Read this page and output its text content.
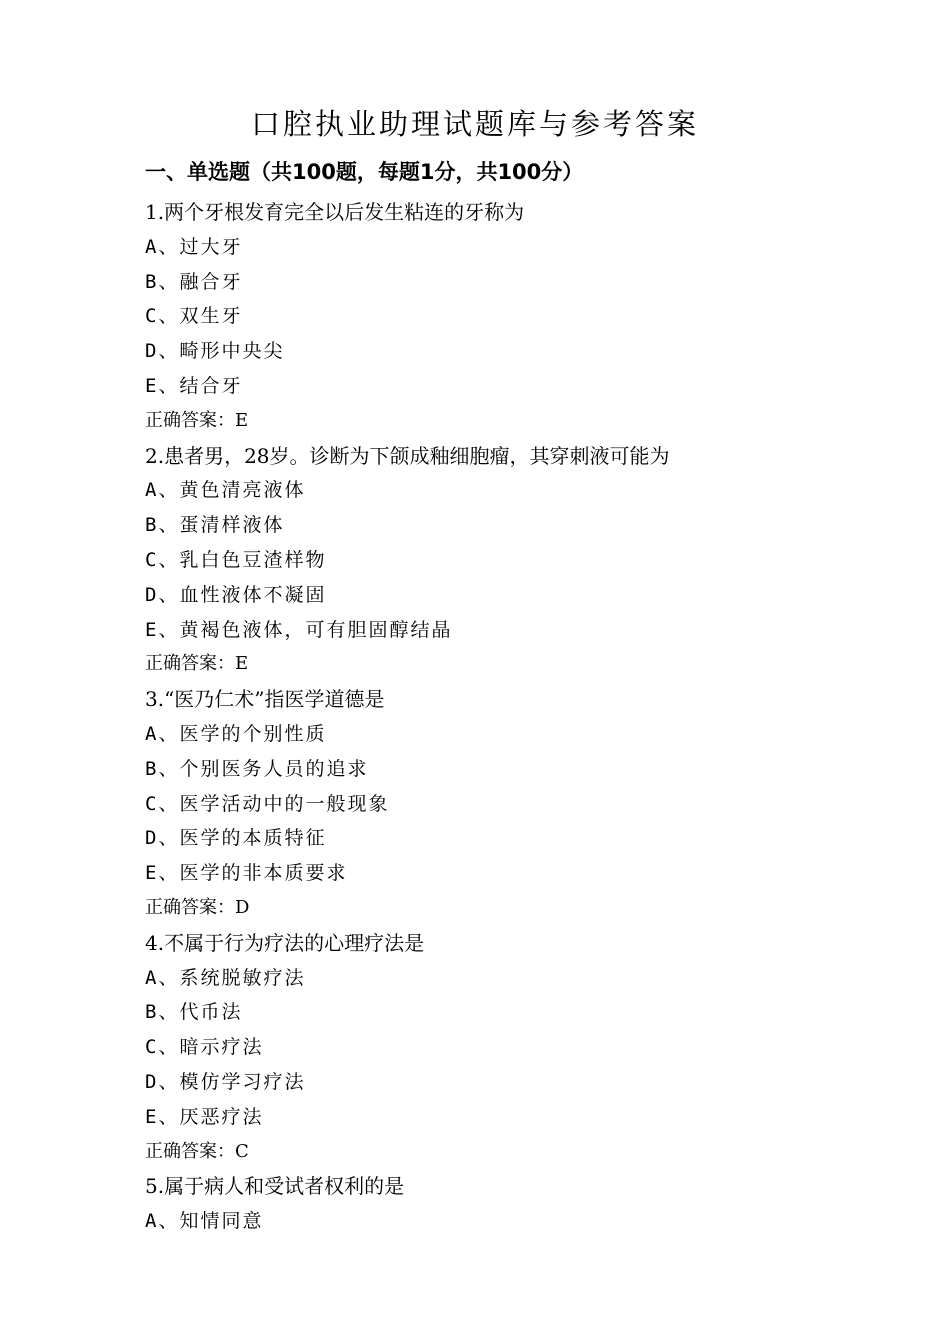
口腔执业助理试题库与参考答案
一、单选题（共100题，每题1分，共100分）
1.两个牙根发育完全以后发生粘连的牙称为
A、过大牙
B、融合牙
C、双生牙
D、畸形中央尖
E、结合牙
正确答案：E
2.患者男，28岁。诊断为下颌成釉细胞瘤，其穿刺液可能为
A、黄色清亮液体
B、蛋清样液体
C、乳白色豆渣样物
D、血性液体不凝固
E、黄褐色液体，可有胆固醇结晶
正确答案：E
3.“医乃仁术”指医学道德是
A、医学的个别性质
B、个别医务人员的追求
C、医学活动中的一般现象
D、医学的本质特征
E、医学的非本质要求
正确答案：D
4.不属于行为疗法的心理疗法是
A、系统脱敏疗法
B、代币法
C、暗示疗法
D、模仿学习疗法
E、厌恶疗法
正确答案：C
5.属于病人和受试者权利的是
A、知情同意
